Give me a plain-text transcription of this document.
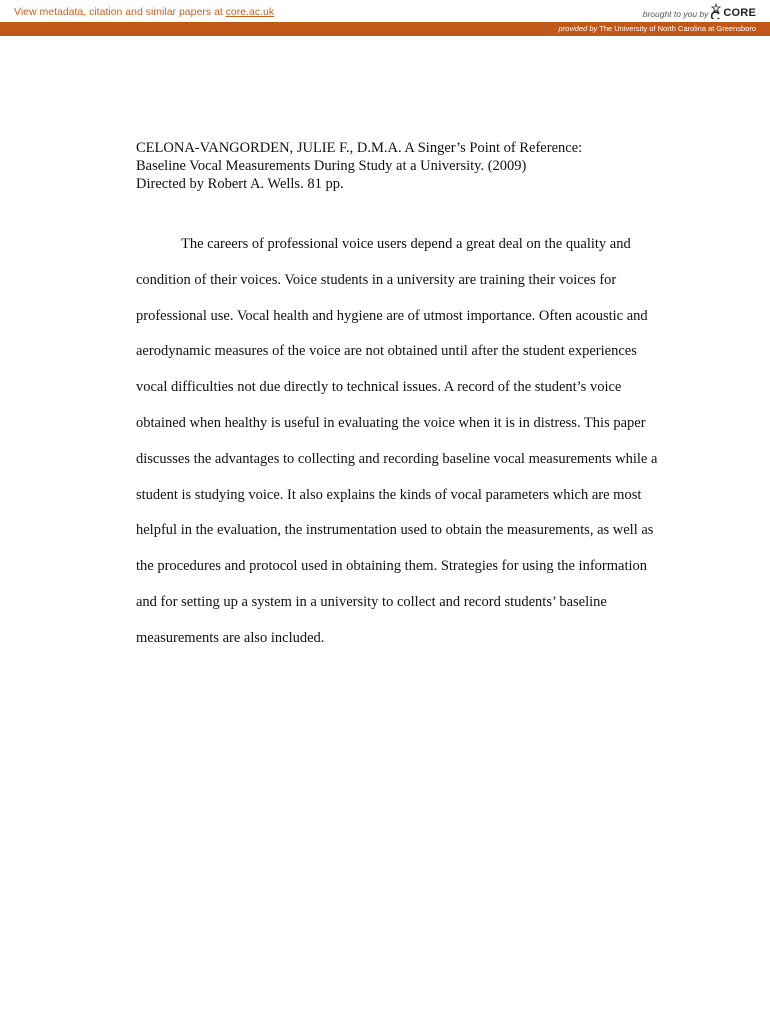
View metadata, citation and similar papers at core.ac.uk	brought to you by CORE
provided by The University of North Carolina at Greensboro
CELONA-VANGORDEN, JULIE F., D.M.A. A Singer’s Point of Reference:
Baseline Vocal Measurements During Study at a University. (2009)
Directed by Robert A. Wells. 81 pp.
The careers of professional voice users depend a great deal on the quality and
condition of their voices. Voice students in a university are training their voices for
professional use. Vocal health and hygiene are of utmost importance. Often acoustic and
aerodynamic measures of the voice are not obtained until after the student experiences
vocal difficulties not due directly to technical issues. A record of the student’s voice
obtained when healthy is useful in evaluating the voice when it is in distress. This paper
discusses the advantages to collecting and recording baseline vocal measurements while a
student is studying voice. It also explains the kinds of vocal parameters which are most
helpful in the evaluation, the instrumentation used to obtain the measurements, as well as
the procedures and protocol used in obtaining them. Strategies for using the information
and for setting up a system in a university to collect and record students’ baseline
measurements are also included.
